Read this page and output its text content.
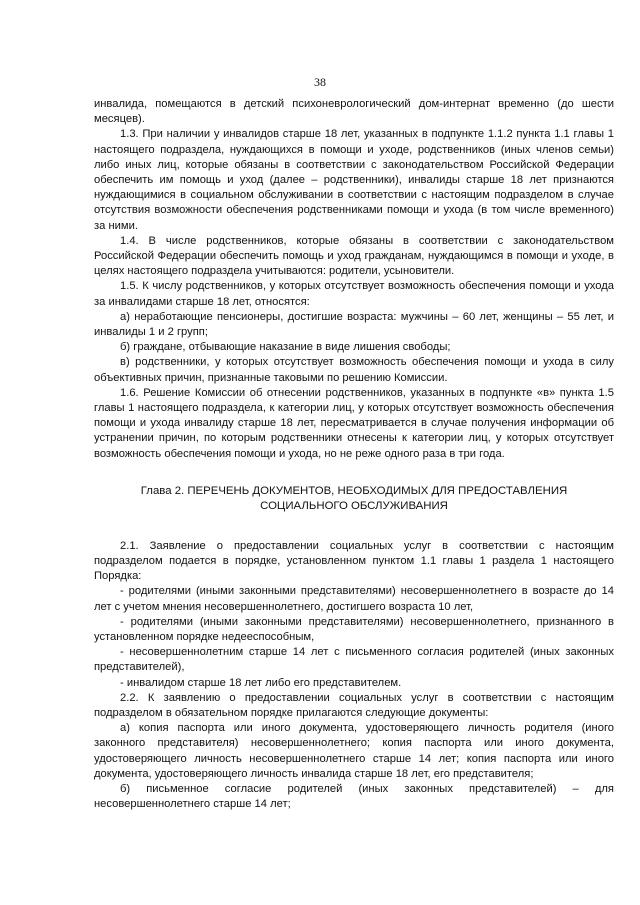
38

инвалида, помещаются в детский психоневрологический дом-интернат временно (до шести месяцев).

1.3. При наличии у инвалидов старше 18 лет, указанных в подпункте 1.1.2 пункта 1.1 главы 1 настоящего подраздела, нуждающихся в помощи и уходе, родственников (иных членов семьи) либо иных лиц, которые обязаны в соответствии с законодательством Российской Федерации обеспечить им помощь и уход (далее – родственники), инвалиды старше 18 лет признаются нуждающимися в социальном обслуживании в соответствии с настоящим подразделом в случае отсутствия возможности обеспечения родственниками помощи и ухода (в том числе временного) за ними.

1.4. В числе родственников, которые обязаны в соответствии с законодательством Российской Федерации обеспечить помощь и уход гражданам, нуждающимся в помощи и уходе, в целях настоящего подраздела учитываются: родители, усыновители.

1.5. К числу родственников, у которых отсутствует возможность обеспечения помощи и ухода за инвалидами старше 18 лет, относятся:

а) неработающие пенсионеры, достигшие возраста: мужчины – 60 лет, женщины – 55 лет, и инвалиды 1 и 2 групп;

б) граждане, отбывающие наказание в виде лишения свободы;

в) родственники, у которых отсутствует возможность обеспечения помощи и ухода в силу объективных причин, признанные таковыми по решению Комиссии.

1.6. Решение Комиссии об отнесении родственников, указанных в подпункте «в» пункта 1.5 главы 1 настоящего подраздела, к категории лиц, у которых отсутствует возможность обеспечения помощи и ухода инвалиду старше 18 лет, пересматривается в случае получения информации об устранении причин, по которым родственники отнесены к категории лиц, у которых отсутствует возможность обеспечения помощи и ухода, но не реже одного раза в три года.

Глава 2. ПЕРЕЧЕНЬ ДОКУМЕНТОВ, НЕОБХОДИМЫХ ДЛЯ ПРЕДОСТАВЛЕНИЯ
СОЦИАЛЬНОГО ОБСЛУЖИВАНИЯ

2.1. Заявление о предоставлении социальных услуг в соответствии с настоящим подразделом подается в порядке, установленном пунктом 1.1 главы 1 раздела 1 настоящего Порядка:

- родителями (иными законными представителями) несовершеннолетнего в возрасте до 14 лет с учетом мнения несовершеннолетнего, достигшего возраста 10 лет,

- родителями (иными законными представителями) несовершеннолетнего, признанного в установленном порядке недееспособным,

- несовершеннолетним старше 14 лет с письменного согласия родителей (иных законных представителей),

- инвалидом старше 18 лет либо его представителем.

2.2. К заявлению о предоставлении социальных услуг в соответствии с настоящим подразделом в обязательном порядке прилагаются следующие документы:

а) копия паспорта или иного документа, удостоверяющего личность родителя (иного законного представителя) несовершеннолетнего; копия паспорта или иного документа, удостоверяющего личность несовершеннолетнего старше 14 лет; копия паспорта или иного документа, удостоверяющего личность инвалида старше 18 лет, его представителя;

б) письменное согласие родителей (иных законных представителей) – для несовершеннолетнего старше 14 лет;
